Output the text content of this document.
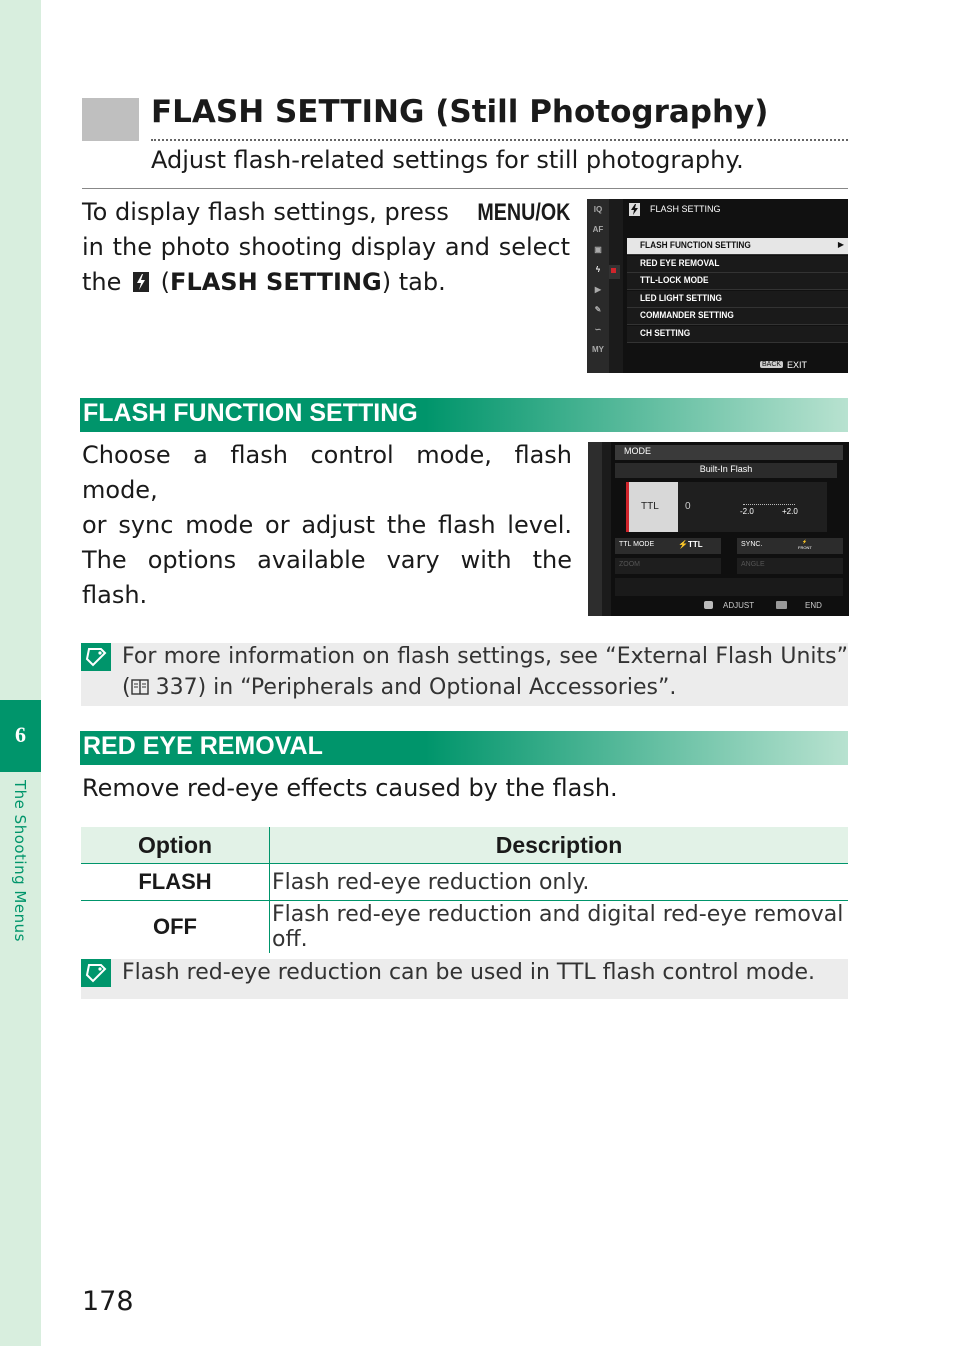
6
The Shooting Menus
FLASH SETTING (Still Photography)
Adjust flash-related settings for still photography.
To display flash settings, press MENU/OK
in the photo shooting display and select
the (FLASH SETTING) tab.
IQ
AF
▣
ϟ
▶
✎
∽
MY
FLASH SETTING
FLASH FUNCTION SETTING	▶
RED EYE REMOVAL
TTL-LOCK MODE
LED LIGHT SETTING
COMMANDER SETTING
CH SETTING
BACK EXIT
FLASH FUNCTION SETTING
Choose a flash control mode, flash mode,
or sync mode or adjust the flash level.
The options available vary with the flash.
MODE
Built-In Flash
TTL	0	-2.0	+2.0
TTL MODE	⚡TTL	SYNC.	⚡
FRONT
ZOOM	ANGLE
ADJUST	END
For more information on flash settings, see “External Flash Units”
( 337) in “Peripherals and Optional Accessories”.
RED EYE REMOVAL
Remove red-eye effects caused by the flash.
Option	Description
FLASH	Flash red-eye reduction only.
OFF	Flash red-eye reduction and digital red-eye removal off.
Flash red-eye reduction can be used in TTL flash control mode.
178
